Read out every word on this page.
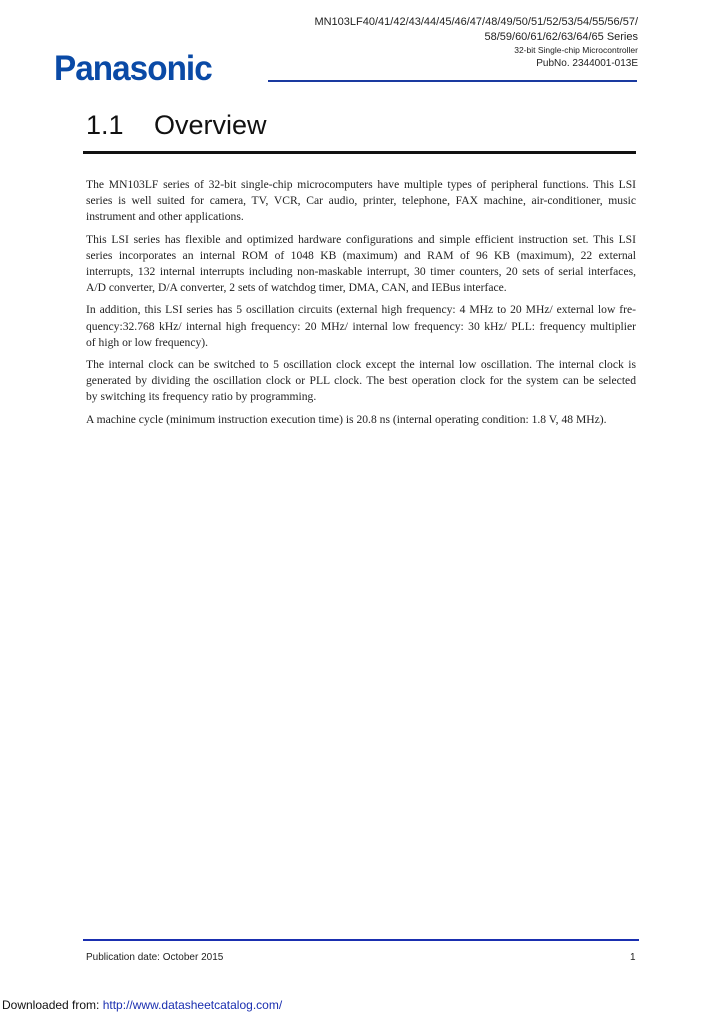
MN103LF40/41/42/43/44/45/46/47/48/49/50/51/52/53/54/55/56/57/
58/59/60/61/62/63/64/65 Series
32-bit Single-chip Microcontroller
PubNo. 2344001-013E
Panasonic
1.1 Overview
The MN103LF series of 32-bit single-chip microcomputers have multiple types of peripheral functions. This LSI
series is well suited for camera, TV, VCR, Car audio, printer, telephone, FAX machine, air-conditioner, music
instrument and other applications.
This LSI series has flexible and optimized hardware configurations and simple efficient instruction set. This LSI
series incorporates an internal ROM of 1048 KB (maximum) and RAM of 96 KB (maximum), 22 external
interrupts, 132 internal interrupts including non-maskable interrupt, 30 timer counters, 20 sets of serial interfaces,
A/D converter, D/A converter, 2 sets of watchdog timer, DMA, CAN, and IEBus interface.
In addition, this LSI series has 5 oscillation circuits (external high frequency: 4 MHz to 20 MHz/ external low fre-
quency:32.768 kHz/ internal high frequency: 20 MHz/ internal low frequency: 30 kHz/ PLL: frequency multiplier
of high or low frequency).
The internal clock can be switched to 5 oscillation clock except the internal low oscillation. The internal clock is
generated by dividing the oscillation clock or PLL clock. The best operation clock for the system can be selected
by switching its frequency ratio by programming.
A machine cycle (minimum instruction execution time) is 20.8 ns (internal operating condition: 1.8 V, 48 MHz).
Publication date: October 2015	1
Downloaded from: http://www.datasheetcatalog.com/
